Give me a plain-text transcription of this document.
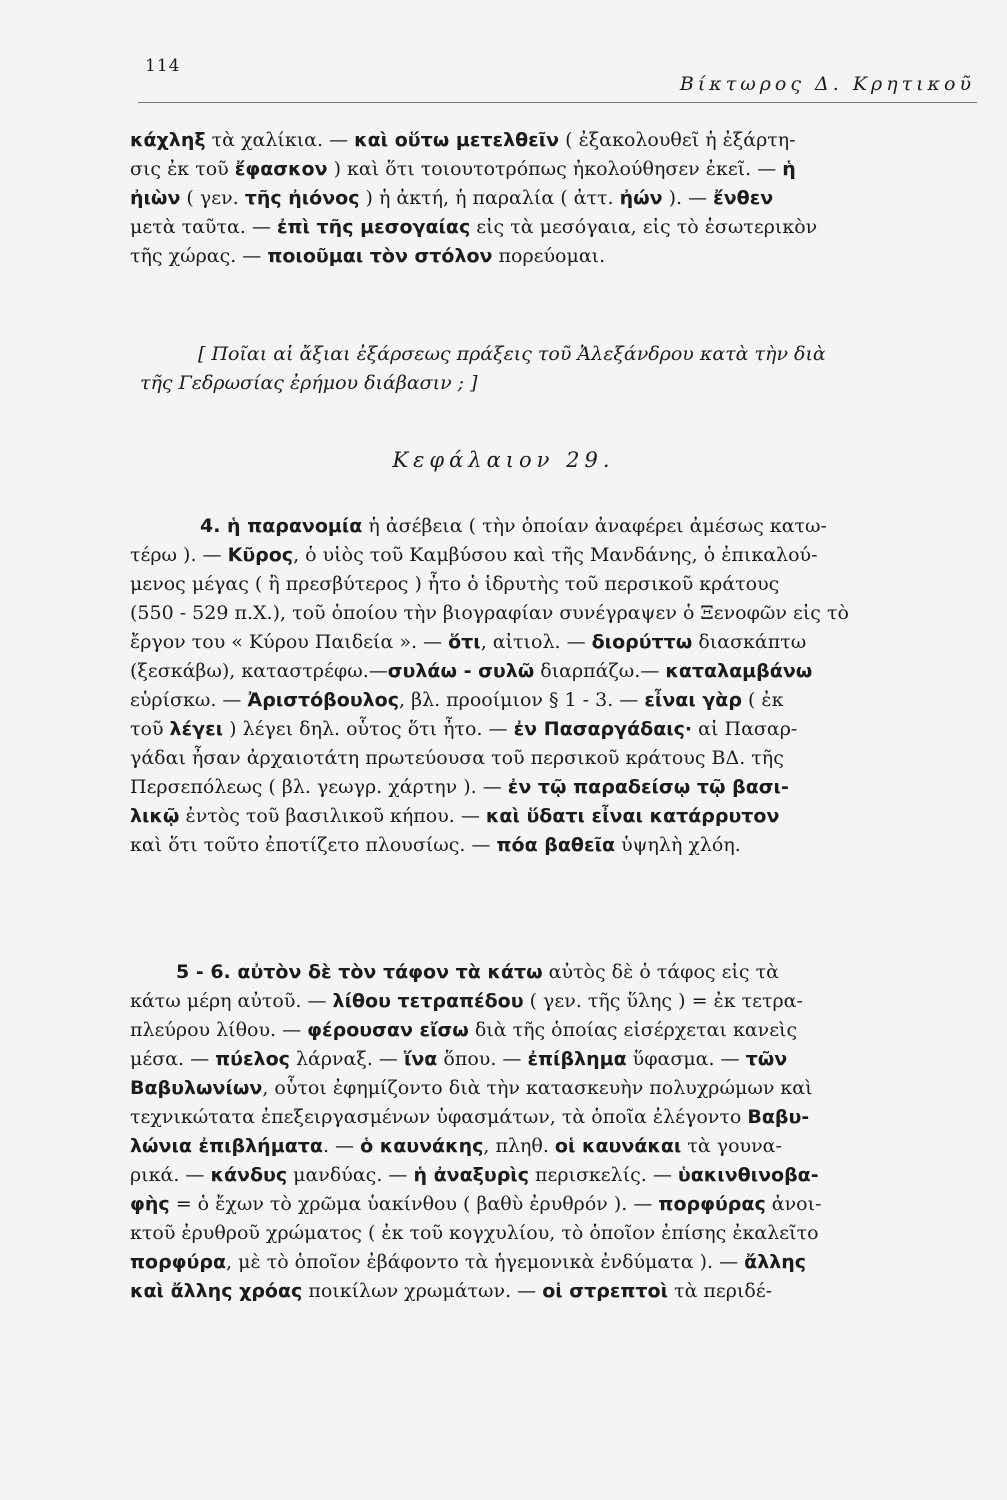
114
Βίκτωρος Δ. Κρητικοῦ
κάχληξ τὰ χαλίκια. — καὶ οὕτω μετελθεῖν ( ἐξακολουθεῖ ἡ ἐξάρτη-
σις ἐκ τοῦ ἔφασκον ) καὶ ὅτι τοιουτοτρόπως ἠκολούθησεν ἐκεῖ. — ἡ
ἠιὼν ( γεν. τῆς ἠιόνος ) ἡ ἀκτή, ἡ παραλία ( ἀττ. ἠών ). — ἔνθεν
μετὰ ταῦτα. — ἐπὶ τῆς μεσογαίας εἰς τὰ μεσόγαια, εἰς τὸ ἐσωτερικὸν
τῆς χώρας. — ποιοῦμαι τὸν στόλον πορεύομαι.
[ Ποῖαι αἱ ἄξιαι ἐξάρσεως πράξεις τοῦ Ἀλεξάνδρου κατὰ τὴν διὰ
τῆς Γεδρωσίας ἐρήμου διάβασιν ; ]
Κεφάλαιον 29.
4. ἡ παρανομία ἡ ἀσέβεια ( τὴν ὁποίαν ἀναφέρει ἀμέσως κατω-
τέρω ). — Κῦρος, ὁ υἱὸς τοῦ Καμβύσου καὶ τῆς Μανδάνης, ὁ ἐπικαλού-
μενος μέγας ( ἢ πρεσβύτερος ) ἦτο ὁ ἱδρυτὴς τοῦ περσικοῦ κράτους
(550 - 529 π.Χ.), τοῦ ὁποίου τὴν βιογραφίαν συνέγραψεν ὁ Ξενοφῶν εἰς τὸ
ἔργον του « Κύρου Παιδεία ». — ὅτι, αἰτιολ. — διορύττω διασκάπτω
(ξεσκάβω), καταστρέφω.—συλάω - συλῶ διαρπάζω.— καταλαμβάνω
εὑρίσκω. — Ἀριστόβουλος, βλ. προοίμιον § 1 - 3. — εἶναι γὰρ ( ἐκ
τοῦ λέγει ) λέγει δηλ. οὗτος ὅτι ἦτο. — ἐν Πασαργάδαις· αἱ Πασαρ-
γάδαι ἦσαν ἀρχαιοτάτη πρωτεύουσα τοῦ περσικοῦ κράτους ΒΔ. τῆς
Περσεπόλεως ( βλ. γεωγρ. χάρτην ). — ἐν τῷ παραδείσῳ τῷ βασι-
λικῷ ἐντὸς τοῦ βασιλικοῦ κήπου. — καὶ ὕδατι εἶναι κατάρρυτον
καὶ ὅτι τοῦτο ἐποτίζετο πλουσίως. — πόα βαθεῖα ὑψηλὴ χλόη.
5 - 6. αὐτὸν δὲ τὸν τάφον τὰ κάτω αὐτὸς δὲ ὁ τάφος εἰς τὰ
κάτω μέρη αὐτοῦ. — λίθου τετραπέδου ( γεν. τῆς ὕλης ) = ἐκ τετρα-
πλεύρου λίθου. — φέρουσαν εἴσω διὰ τῆς ὁποίας εἰσέρχεται κανεὶς
μέσα. — πύελος λάρναξ. — ἵνα ὅπου. — ἐπίβλημα ὕφασμα. — τῶν
Βαβυλωνίων, οὗτοι ἐφημίζοντο διὰ τὴν κατασκευὴν πολυχρώμων καὶ
τεχνικώτατα ἐπεξειργασμένων ὑφασμάτων, τὰ ὁποῖα ἐλέγοντο Βαβυ-
λώνια ἐπιβλήματα. — ὁ καυνάκης, πληθ. οἱ καυνάκαι τὰ γουνα-
ρικά. — κάνδυς μανδύας. — ἡ ἀναξυρὶς περισκελίς. — ὑακινθινοβα-
φὴς = ὁ ἔχων τὸ χρῶμα ὑακίνθου ( βαθὺ ἐρυθρόν ). — πορφύρας ἀνοι-
κτοῦ ἐρυθροῦ χρώματος ( ἐκ τοῦ κογχυλίου, τὸ ὁποῖον ἐπίσης ἐκαλεῖτο
πορφύρα, μὲ τὸ ὁποῖον ἐβάφοντο τὰ ἡγεμονικὰ ἐνδύματα ). — ἄλλης
καὶ ἄλλης χρόας ποικίλων χρωμάτων. — οἱ στρεπτοὶ τὰ περιδέ-
